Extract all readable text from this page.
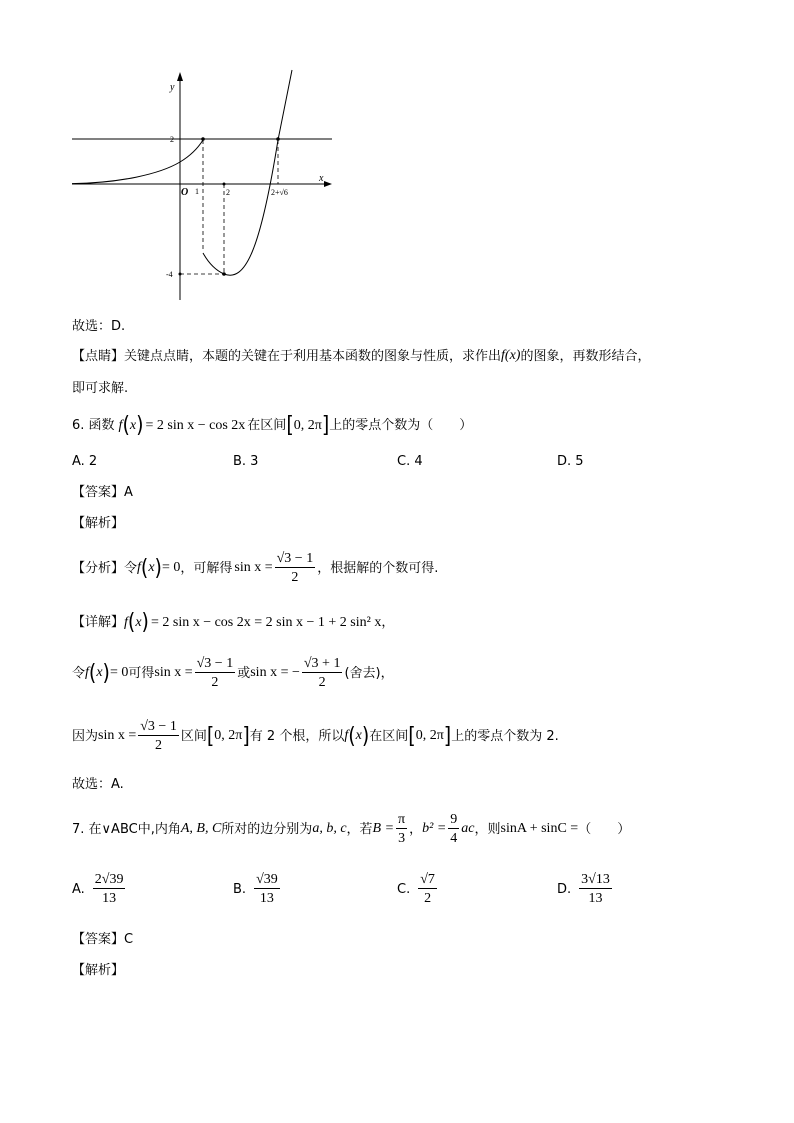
y
x
O
2
-4
1	2	2+√6
故选：D.
【点睛】 关键点点睛，本题的关键在于利用基本函数的图象与性质，求作出 f(x) 的图象，再数形结合，
即可求解.
6. 函数 f ( x ) = 2 sin x − cos 2x 在区间 [ 0, 2π ] 上的零点个数为（　　）
A. 2	B. 3	C. 4	D. 5
【答案】A
【解析】
【分析】令 f ( x ) = 0 ，可解得 $\sin x = \frac{√3 - 1}{2}$ ，根据解的个数可得.
【详解】 f ( x ) = 2 sin x − cos 2x = 2 sin x − 1 + 2 sin² x ，
令 f ( x ) = 0 可得 $\sin x = \frac{√3 - 1}{2}$ 或 sin x = − $\frac{√3 + 1}{2}$ (舍去)，
因为 $\sin x = \frac{√3 - 1}{2}$ 区间 [ 0, 2π ] 有 2 个根，所以 f ( x ) 在区间 [ 0, 2π ] 上的零点个数为 2.
故选：A.
7. 在∨ABC中,内角 A, B, C 所对的边分别为 a, b, c ，若 $B = \frac{\pi}{3}$ ， $b^2 = \frac{9}{4}$ ac ，则 sinA + sinC = （　　）
A. $\frac{2√39}{13}$	B. $\frac{√39}{13}$	C. $\frac{√7}{2}$	D. $\frac{3√13}{13}$
【答案】C
【解析】
